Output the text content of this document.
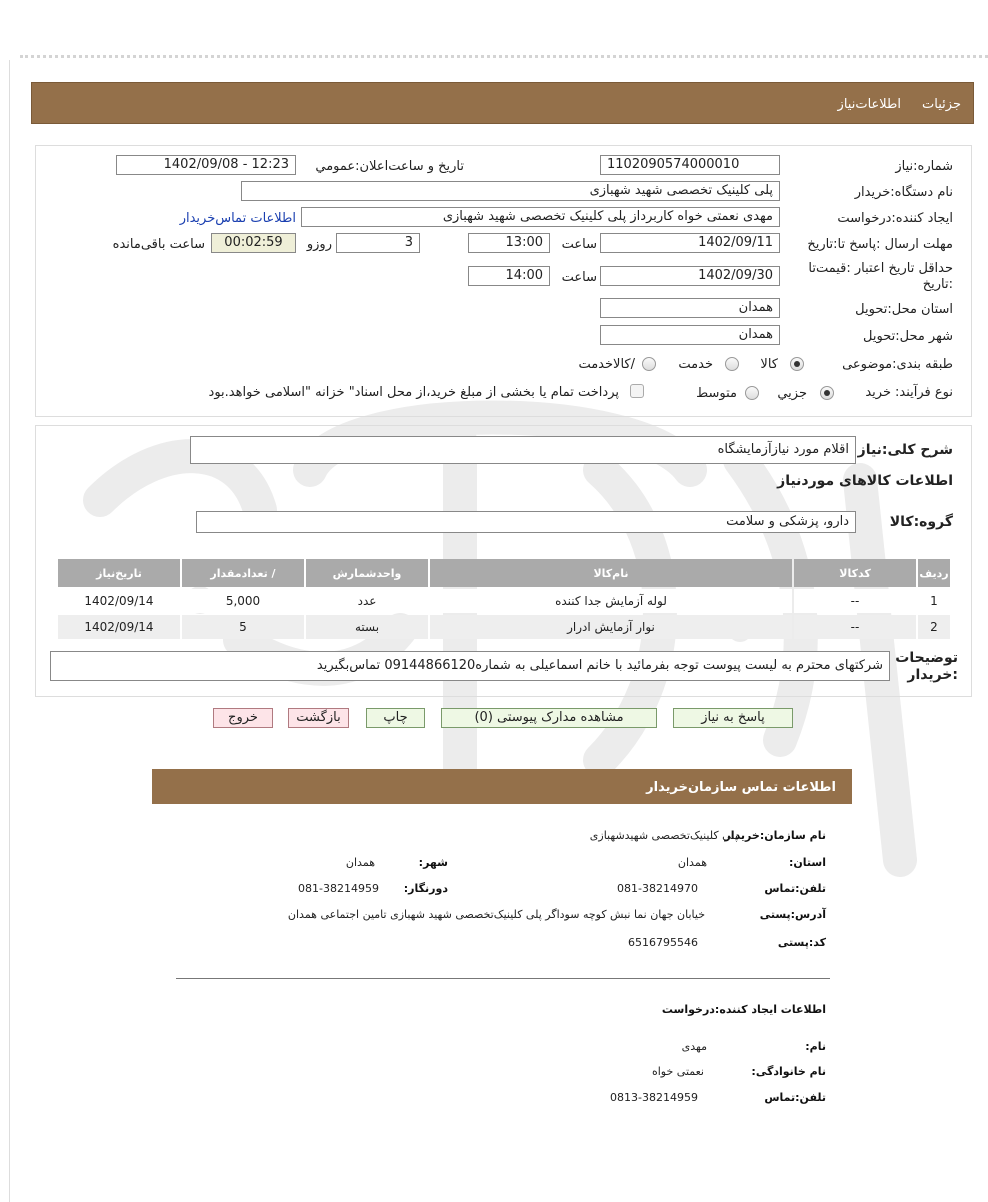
جزئیات
اطلاعات‌نیاز
شماره:نیاز
1102090574000010
تاریخ و ساعت‌اعلان:عمومي
1402/09/08 - 12:23
نام دستگاه:خریدار
پلی کلینیک تخصصی شهید شهبازی
ایجاد کننده:درخواست
مهدی نعمتی خواه کاربرداز پلی کلینیک تخصصی شهید شهبازی
اطلاعات تماس‌خریدار
مهلت ارسال :پاسخ تا:تاریخ
1402/09/11
ساعت
13:00
3
روزو
00:02:59
ساعت باقی‌مانده
حداقل تاریخ اعتبار :قیمت‌تا
:تاریخ
1402/09/30
ساعت
14:00
استان محل:تحویل
همدان
شهر محل:تحویل
همدان
طبقه بندی:موضوعی
کالا
خدمت
/کالاخدمت
نوع فرآیند:
خرید
جزیي
متوسط
پرداخت تمام یا بخشی از مبلغ خرید،از محل اسناد" خزانه "اسلامی خواهد.بود
شرح کلی:نیاز
اقلام مورد نیازآزمایشگاه
اطلاعات کالاهای موردنیاز
گروه:کالا
دارو، پزشکی و سلامت
ردیف	کدکالا	نام‌کالا	واحدشمارش	/ تعدادمقدار	تاریخ‌نیاز
1	--	لوله آزمایش جدا کننده	عدد	5,000	1402/09/14
2	--	نوار آزمایش ادرار	بسته	5	1402/09/14
توضیحات
:خریدار
شرکتهای محترم به لیست پیوست توجه بفرمائید با خانم اسماعیلی به شماره09144866120 تماس‌بگیرید
پاسخ به نیاز
مشاهده مدارک پیوستی (0)
چاپ
بازگشت
خروج
اطلاعات تماس سازمان‌خریدار
نام سازمان:خریدار
پلی کلینیک‌تخصصی شهیدشهبازی
استان:
همدان
شهر:
همدان
تلفن:تماس
081-38214970
دورنگار:
081-38214959
آدرس:پستی
خیابان جهان نما نبش کوچه سوداگر پلی کلینیک‌تخصصی شهید شهبازی تامین اجتماعی همدان
کد:پستی
6516795546
اطلاعات ایجاد کننده:درخواست
نام:
مهدی
نام خانوادگی:
نعمتی خواه
تلفن:تماس
0813-38214959
